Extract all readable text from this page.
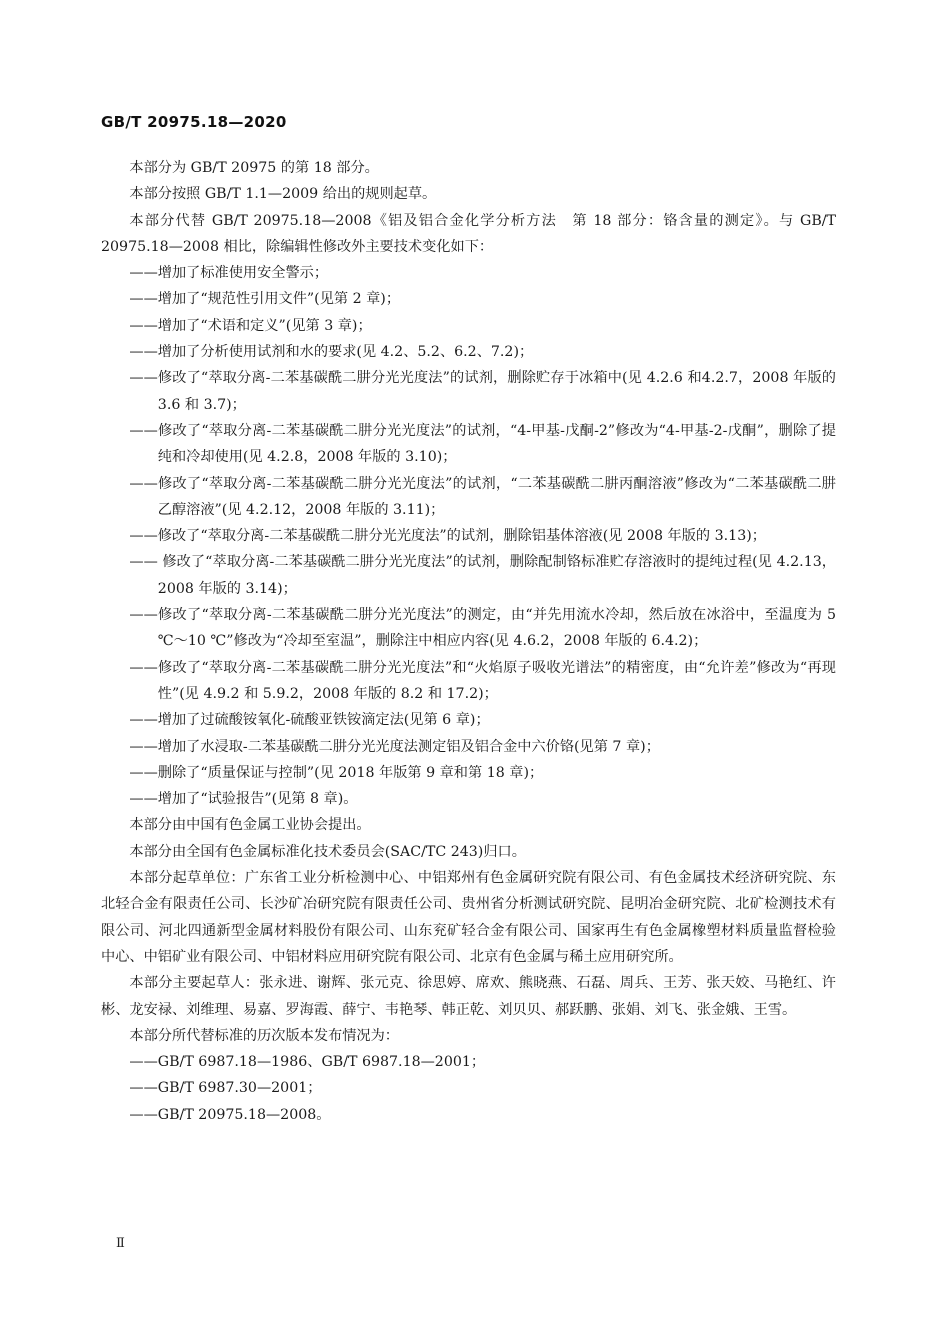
GB/T 20975.18—2020

本部分为 GB/T 20975 的第 18 部分。

本部分按照 GB/T 1.1—2009 给出的规则起草。

本部分代替 GB/T 20975.18—2008《铝及铝合金化学分析方法　第 18 部分：铬含量的测定》。与 GB/T 20975.18—2008 相比，除编辑性修改外主要技术变化如下：

——增加了标准使用安全警示；

——增加了“规范性引用文件”(见第 2 章)；

——增加了“术语和定义”(见第 3 章)；

——增加了分析使用试剂和水的要求(见 4.2、5.2、6.2、7.2)；

——修改了“萃取分离-二苯基碳酰二肼分光光度法”的试剂，删除贮存于冰箱中(见 4.2.6 和4.2.7，2008 年版的 3.6 和 3.7)；

——修改了“萃取分离-二苯基碳酰二肼分光光度法”的试剂，“4-甲基-戊酮-2”修改为“4-甲基-2-戊酮”，删除了提纯和冷却使用(见 4.2.8，2008 年版的 3.10)；

——修改了“萃取分离-二苯基碳酰二肼分光光度法”的试剂，“二苯基碳酰二肼丙酮溶液”修改为“二苯基碳酰二肼乙醇溶液”(见 4.2.12，2008 年版的 3.11)；

——修改了“萃取分离-二苯基碳酰二肼分光光度法”的试剂，删除铝基体溶液(见 2008 年版的 3.13)；

—— 修改了“萃取分离-二苯基碳酰二肼分光光度法”的试剂，删除配制铬标准贮存溶液时的提纯过程(见 4.2.13，2008 年版的 3.14)；

——修改了“萃取分离-二苯基碳酰二肼分光光度法”的测定，由“并先用流水冷却，然后放在冰浴中，至温度为 5 ℃～10 ℃”修改为“冷却至室温”，删除注中相应内容(见 4.6.2，2008 年版的 6.4.2)；

——修改了“萃取分离-二苯基碳酰二肼分光光度法”和“火焰原子吸收光谱法”的精密度，由“允许差”修改为“再现性”(见 4.9.2 和 5.9.2，2008 年版的 8.2 和 17.2)；

——增加了过硫酸铵氧化-硫酸亚铁铵滴定法(见第 6 章)；

——增加了水浸取-二苯基碳酰二肼分光光度法测定铝及铝合金中六价铬(见第 7 章)；

——删除了“质量保证与控制”(见 2018 年版第 9 章和第 18 章)；

——增加了“试验报告”(见第 8 章)。

本部分由中国有色金属工业协会提出。

本部分由全国有色金属标准化技术委员会(SAC/TC 243)归口。

本部分起草单位：广东省工业分析检测中心、中铝郑州有色金属研究院有限公司、有色金属技术经济研究院、东北轻合金有限责任公司、长沙矿冶研究院有限责任公司、贵州省分析测试研究院、昆明冶金研究院、北矿检测技术有限公司、河北四通新型金属材料股份有限公司、山东兖矿轻合金有限公司、国家再生有色金属橡塑材料质量监督检验中心、中铝矿业有限公司、中铝材料应用研究院有限公司、北京有色金属与稀土应用研究所。

本部分主要起草人：张永进、谢辉、张元克、徐思婷、席欢、熊晓燕、石磊、周兵、王芳、张天姣、马艳红、许彬、龙安禄、刘维理、易嘉、罗海霞、薛宁、韦艳琴、韩正乾、刘贝贝、郝跃鹏、张娟、刘飞、张金娥、王雪。

本部分所代替标准的历次版本发布情况为：

——GB/T 6987.18—1986、GB/T 6987.18—2001；

——GB/T 6987.30—2001；

——GB/T 20975.18—2008。

Ⅱ
